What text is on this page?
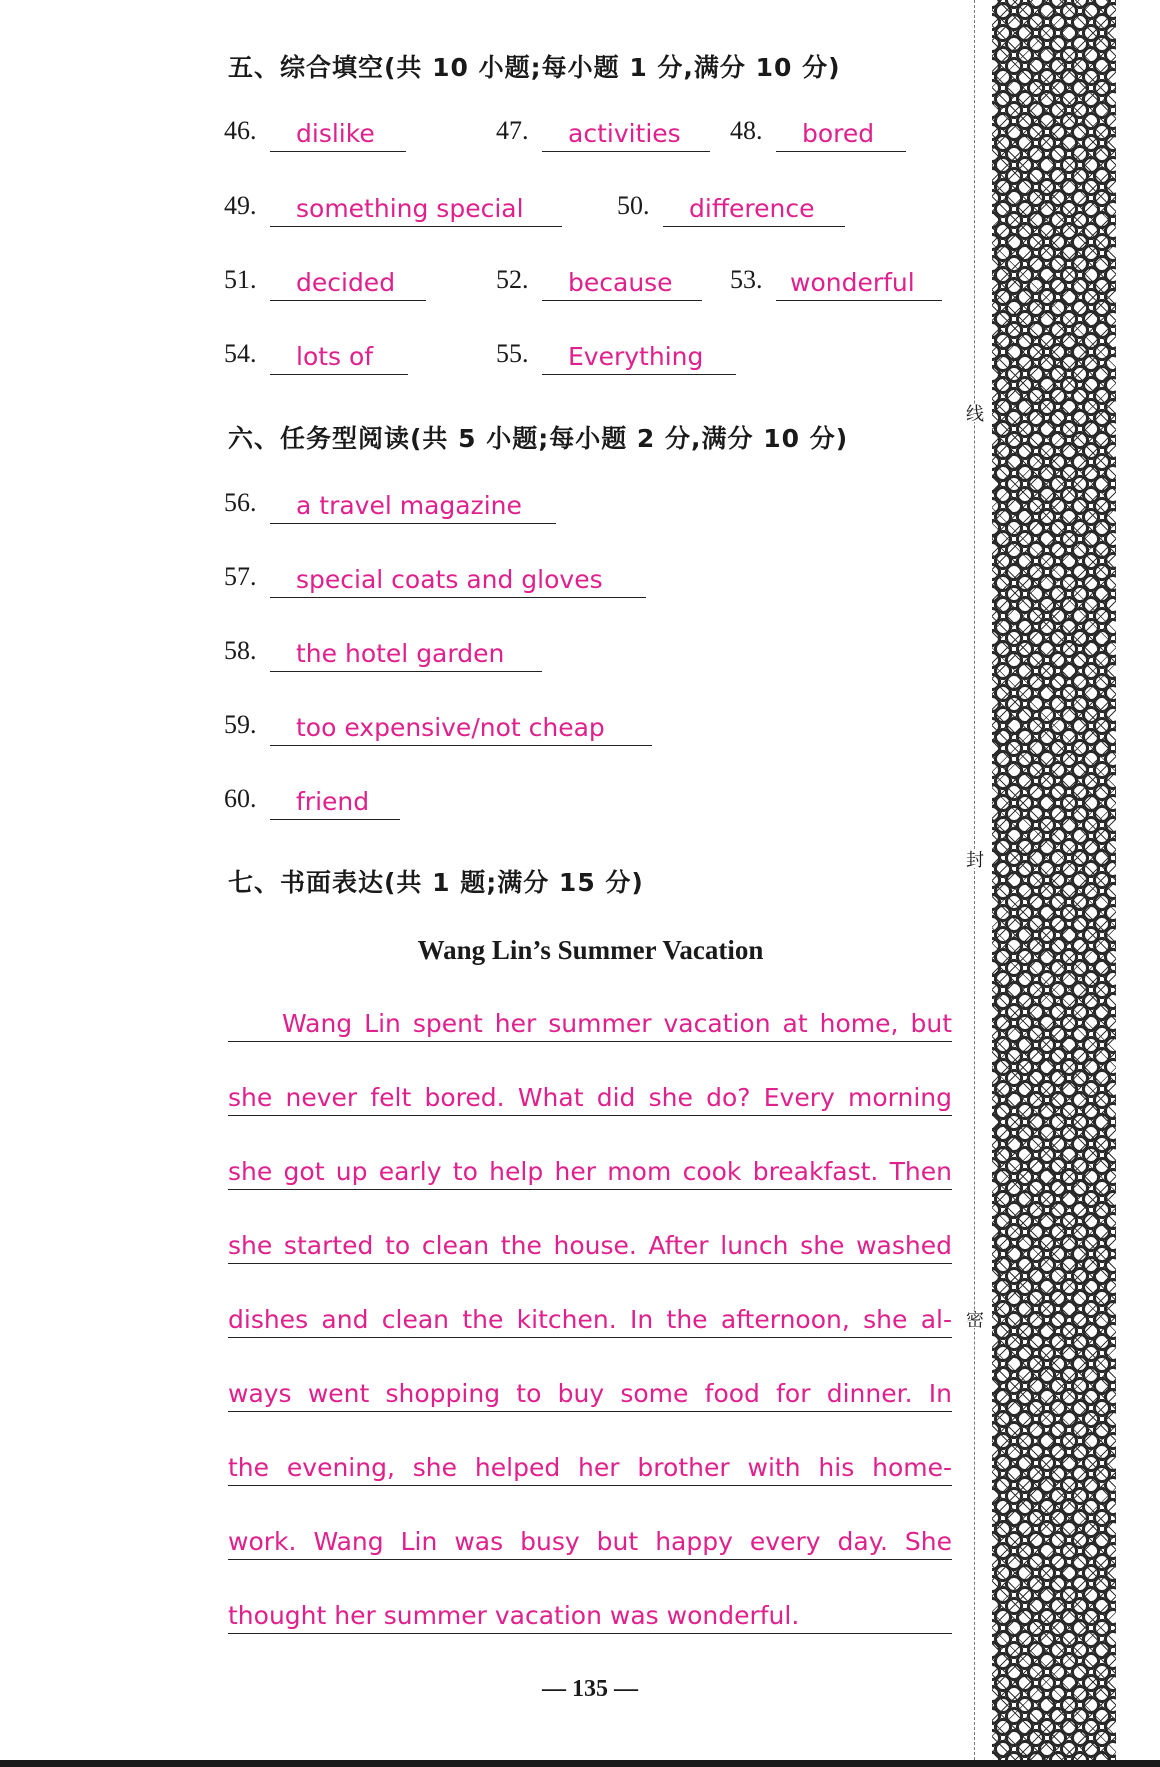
五、综合填空(共 10 小题;每小题 1 分,满分 10 分)
46. dislike	47. activities 48. bored
49. something special	50. difference
51. decided	52. because 53. wonderful
54. lots of	55. Everything
六、任务型阅读(共 5 小题;每小题 2 分,满分 10 分)
56. a travel magazine
57. special coats and gloves
58. the hotel garden
59. too expensive/not cheap
60. friend
七、书面表达(共 1 题;满分 15 分)
Wang Lin’s Summer Vacation
Wang Lin spent her summer vacation at home, but
she never felt bored. What did she do? Every morning
she got up early to help her mom cook breakfast. Then
she started to clean the house. After lunch she washed
dishes and clean the kitchen. In the afternoon, she al-
ways went shopping to buy some food for dinner. In
the evening, she helped her brother with his home-
work. Wang Lin was busy but happy every day. She
thought her summer vacation was wonderful.
— 135 —
线
封
密
